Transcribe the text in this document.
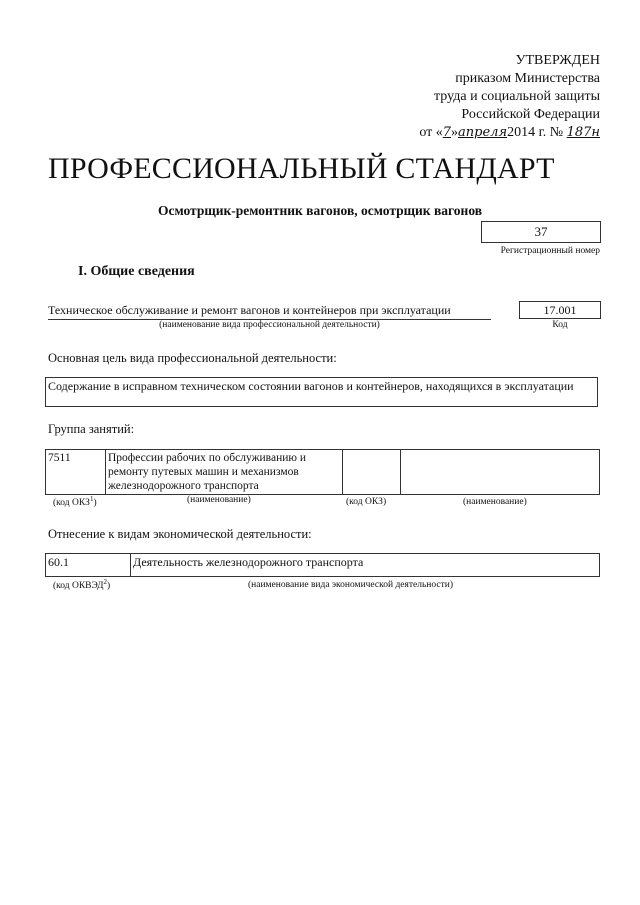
УТВЕРЖДЕН
приказом Министерства
труда и социальной защиты
Российской Федерации
от «7»апреля2014 г. № 187н
ПРОФЕССИОНАЛЬНЫЙ СТАНДАРТ
Осмотрщик-ремонтник вагонов, осмотрщик вагонов
37
Регистрационный номер
I. Общие сведения
Техническое обслуживание и ремонт вагонов и контейнеров при эксплуатации
(наименование вида профессиональной деятельности)
17.001
Код
Основная цель вида профессиональной деятельности:
Содержание в исправном техническом состоянии вагонов и контейнеров, находящихся в эксплуатации
Группа занятий:
7511	Профессии рабочих по обслуживанию и ремонту путевых машин и механизмов железнодорожного транспорта		
(код ОКЗ$^1$)	(наименование)	(код ОКЗ)	(наименование)
Отнесение к видам экономической деятельности:
60.1	Деятельность железнодорожного транспорта
(код ОКВЭД$^2$)	(наименование вида экономической деятельности)
